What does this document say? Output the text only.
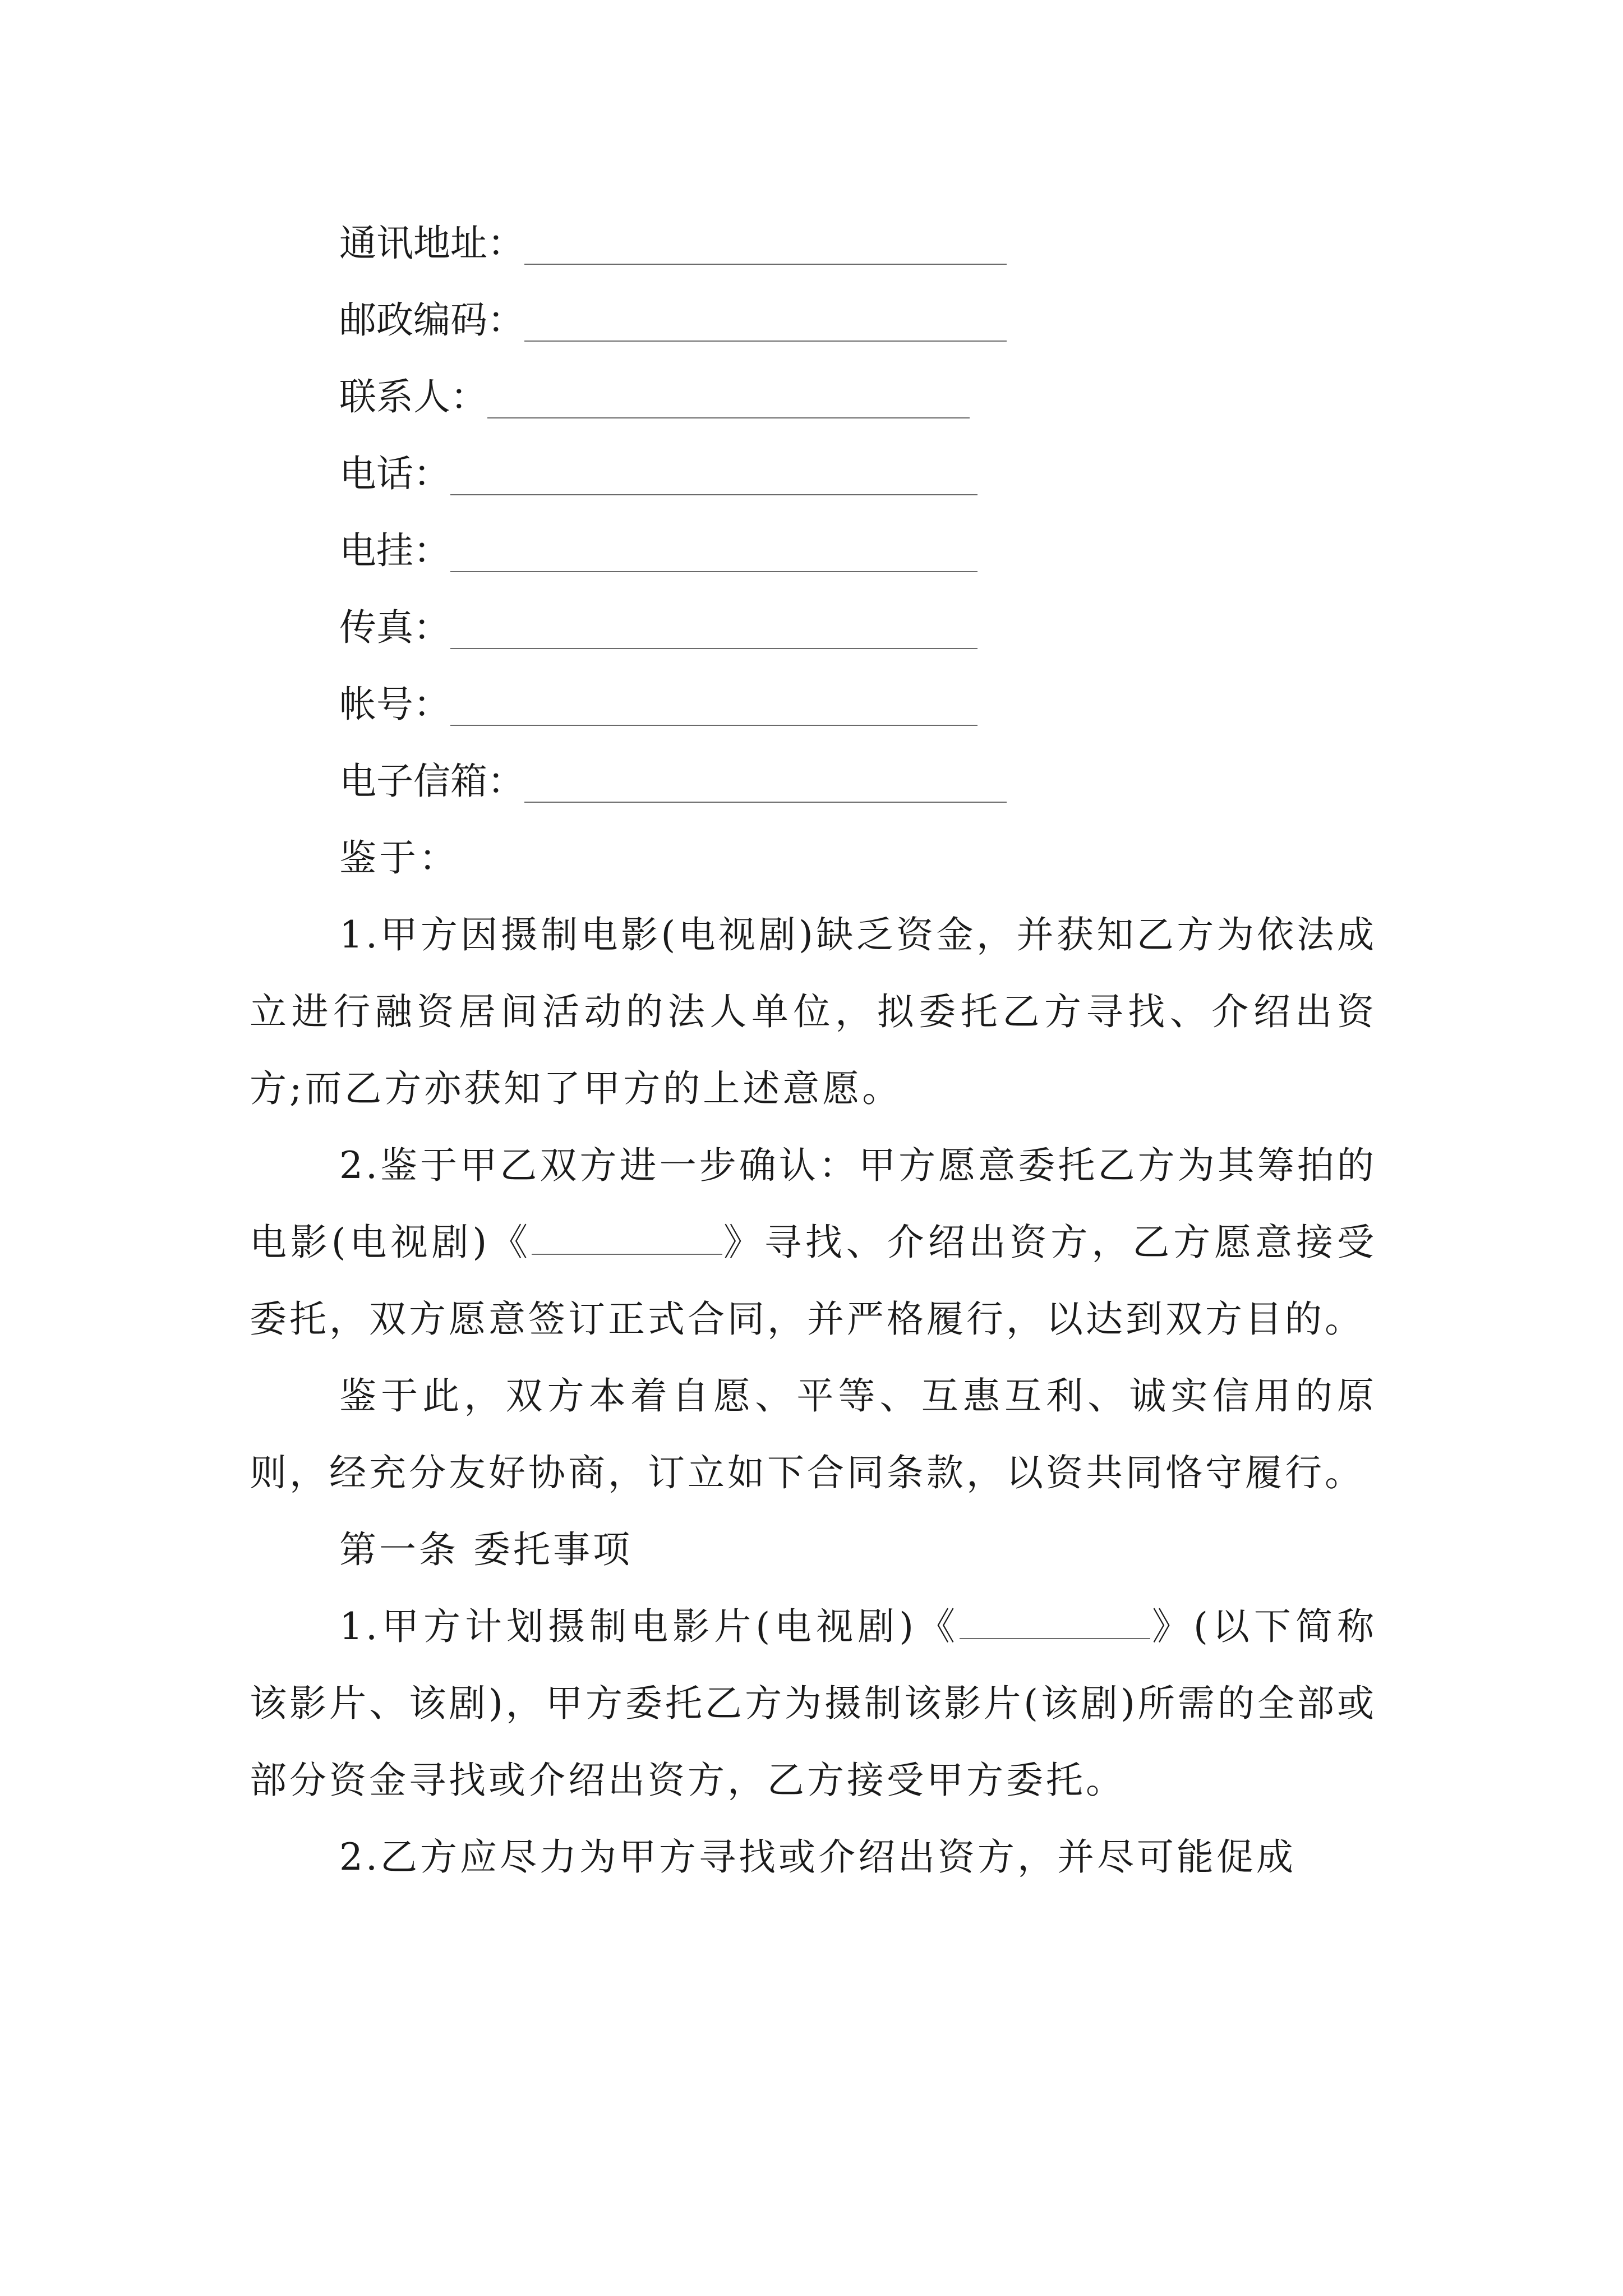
通讯地址：
邮政编码：
联系人：
电话：
电挂：
传真：
帐号：
电子信箱：

鉴于：

1.甲方因摄制电影(电视剧)缺乏资金，并获知乙方为依法成立进行融资居间活动的法人单位，拟委托乙方寻找、介绍出资方;而乙方亦获知了甲方的上述意愿。

2.鉴于甲乙双方进一步确认：甲方愿意委托乙方为其筹拍的电影(电视剧)《	》寻找、介绍出资方，乙方愿意接受委托，双方愿意签订正式合同，并严格履行，以达到双方目的。

鉴于此，双方本着自愿、平等、互惠互利、诚实信用的原则，经充分友好协商，订立如下合同条款，以资共同恪守履行。

第一条 委托事项

1.甲方计划摄制电影片(电视剧)《	》(以下简称该影片、该剧)，甲方委托乙方为摄制该影片(该剧)所需的全部或部分资金寻找或介绍出资方，乙方接受甲方委托。

2.乙方应尽力为甲方寻找或介绍出资方，并尽可能促成
